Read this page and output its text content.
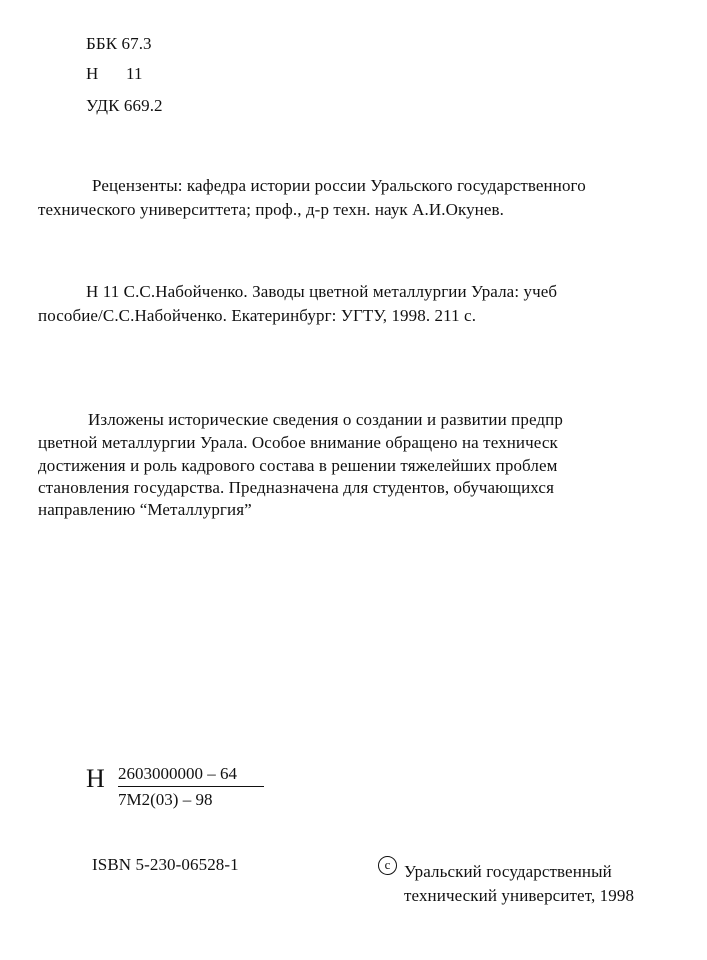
ББК 67.3
Н 11
УДК 669.2
Рецензенты: кафедра истории россии Уральского государственного
технического университтета; проф., д-р техн. наук А.И.Окунев.
Н 11 С.С.Набойченко. Заводы цветной металлургии Урала: учеб
пособие/С.С.Набойченко. Екатеринбург: УГТУ, 1998. 211 с.
Изложены исторические сведения о создании и развитии предпр
цветной металлургии Урала. Особое внимание обращено на техническ
достижения и роль кадрового состава в решении тяжелейших проблем
становления государства. Предназначена для студентов, обучающихся
направлению “Металлургия”
Н 2603000000 – 64
7М2(03) – 98
ISBN 5-230-06528-1	c Уральский государственный
технический университет, 1998
